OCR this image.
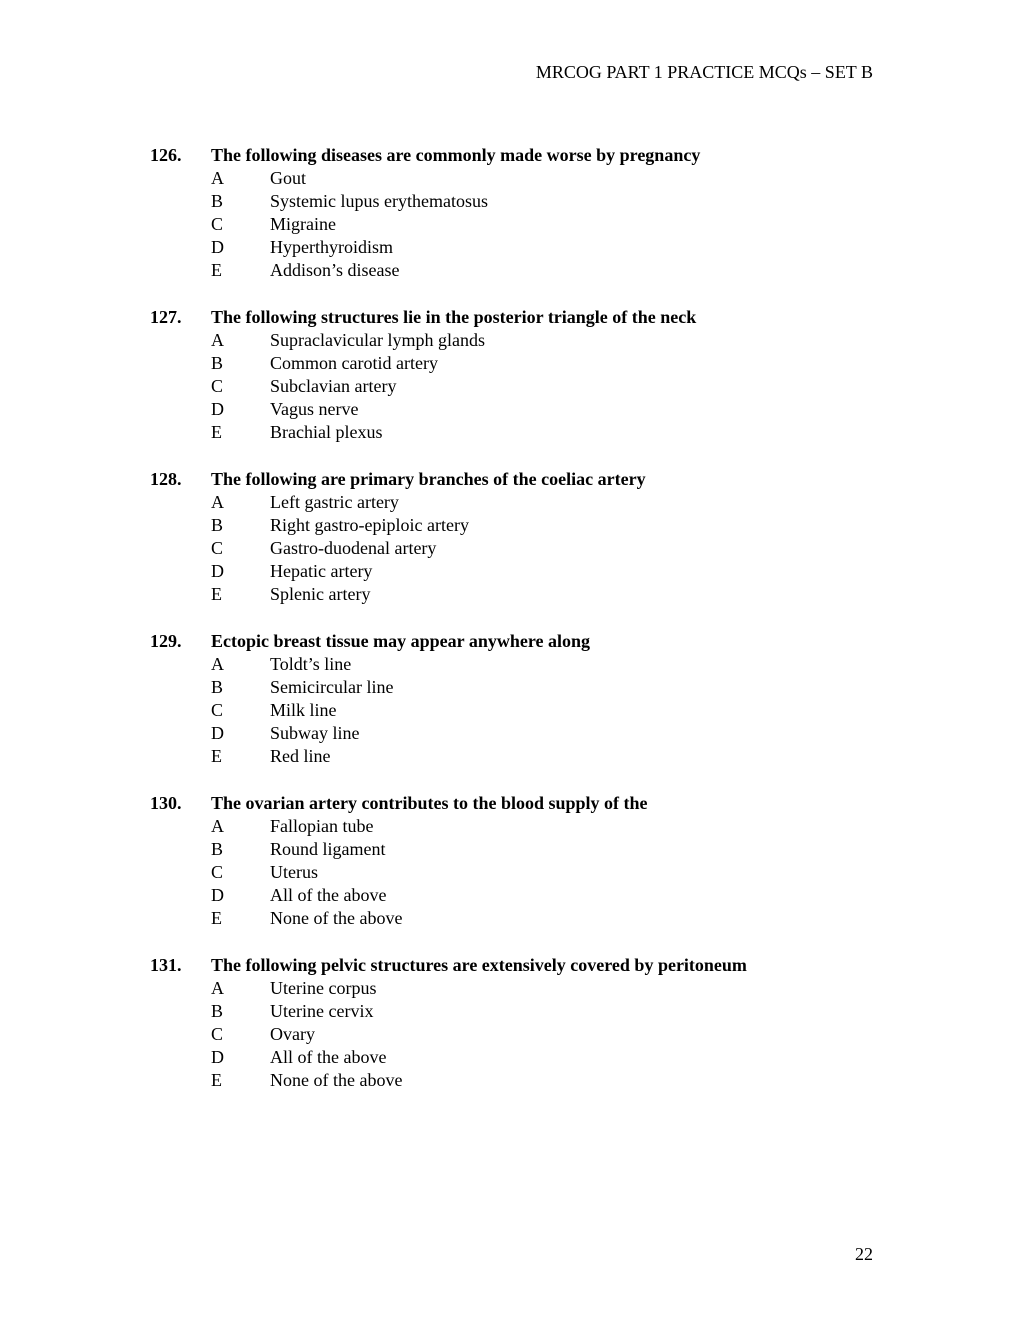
MRCOG PART 1 PRACTICE MCQs – SET B
126.	The following diseases are commonly made worse by pregnancy
A	Gout
B	Systemic lupus erythematosus
C	Migraine
D	Hyperthyroidism
E	Addison’s disease
127.	The following structures lie in the posterior triangle of the neck
A	Supraclavicular lymph glands
B	Common carotid artery
C	Subclavian artery
D	Vagus nerve
E	Brachial plexus
128.	The following are primary branches of the coeliac artery
A	Left gastric artery
B	Right gastro-epiploic artery
C	Gastro-duodenal artery
D	Hepatic artery
E	Splenic artery
129.	Ectopic breast tissue may appear anywhere along
A	Toldt’s line
B	Semicircular line
C	Milk line
D	Subway line
E	Red line
130.	The ovarian artery contributes to the blood supply of the
A	Fallopian tube
B	Round ligament
C	Uterus
D	All of the above
E	None of the above
131.	The following pelvic structures are extensively covered by peritoneum
A	Uterine corpus
B	Uterine cervix
C	Ovary
D	All of the above
E	None of the above
22
